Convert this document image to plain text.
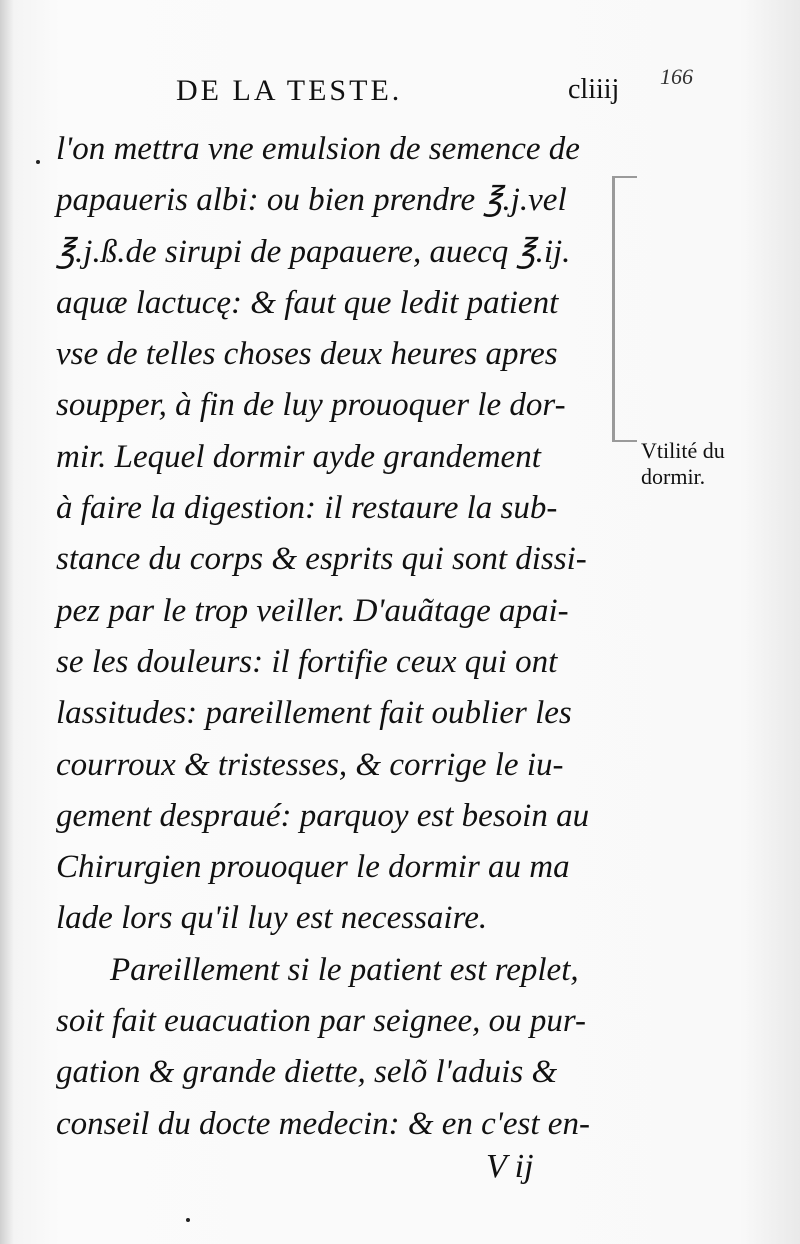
DE LA TESTE.	cliiij 166
l'on mettra vne emulsion de semence de
papaueris albi: ou bien prendre ℥.j.vel
℥.j.ß.de sirupi de papauere, auecq ℥.ij.
aquæ lactucę: & faut que ledit patient
vse de telles choses deux heures apres
soupper, à fin de luy prouoquer le dor-
mir. Lequel dormir ayde grandement
à faire la digestion: il restaure la sub-
stance du corps & esprits qui sont dissi-
pez par le trop veiller. D'auãtage apai-
se les douleurs: il fortifie ceux qui ont
lassitudes: pareillement fait oublier les
courroux & tristesses, & corrige le iu-
gement despraué: parquoy est besoin au
Chirurgien prouoquer le dormir au ma
lade lors qu'il luy est necessaire.
Pareillement si le patient est replet,
soit fait euacuation par seignee, ou pur-
gation & grande diette, selõ l'aduis &
conseil du docte medecin: & en c'est en-
Vtilité du
dormir.
V ij
